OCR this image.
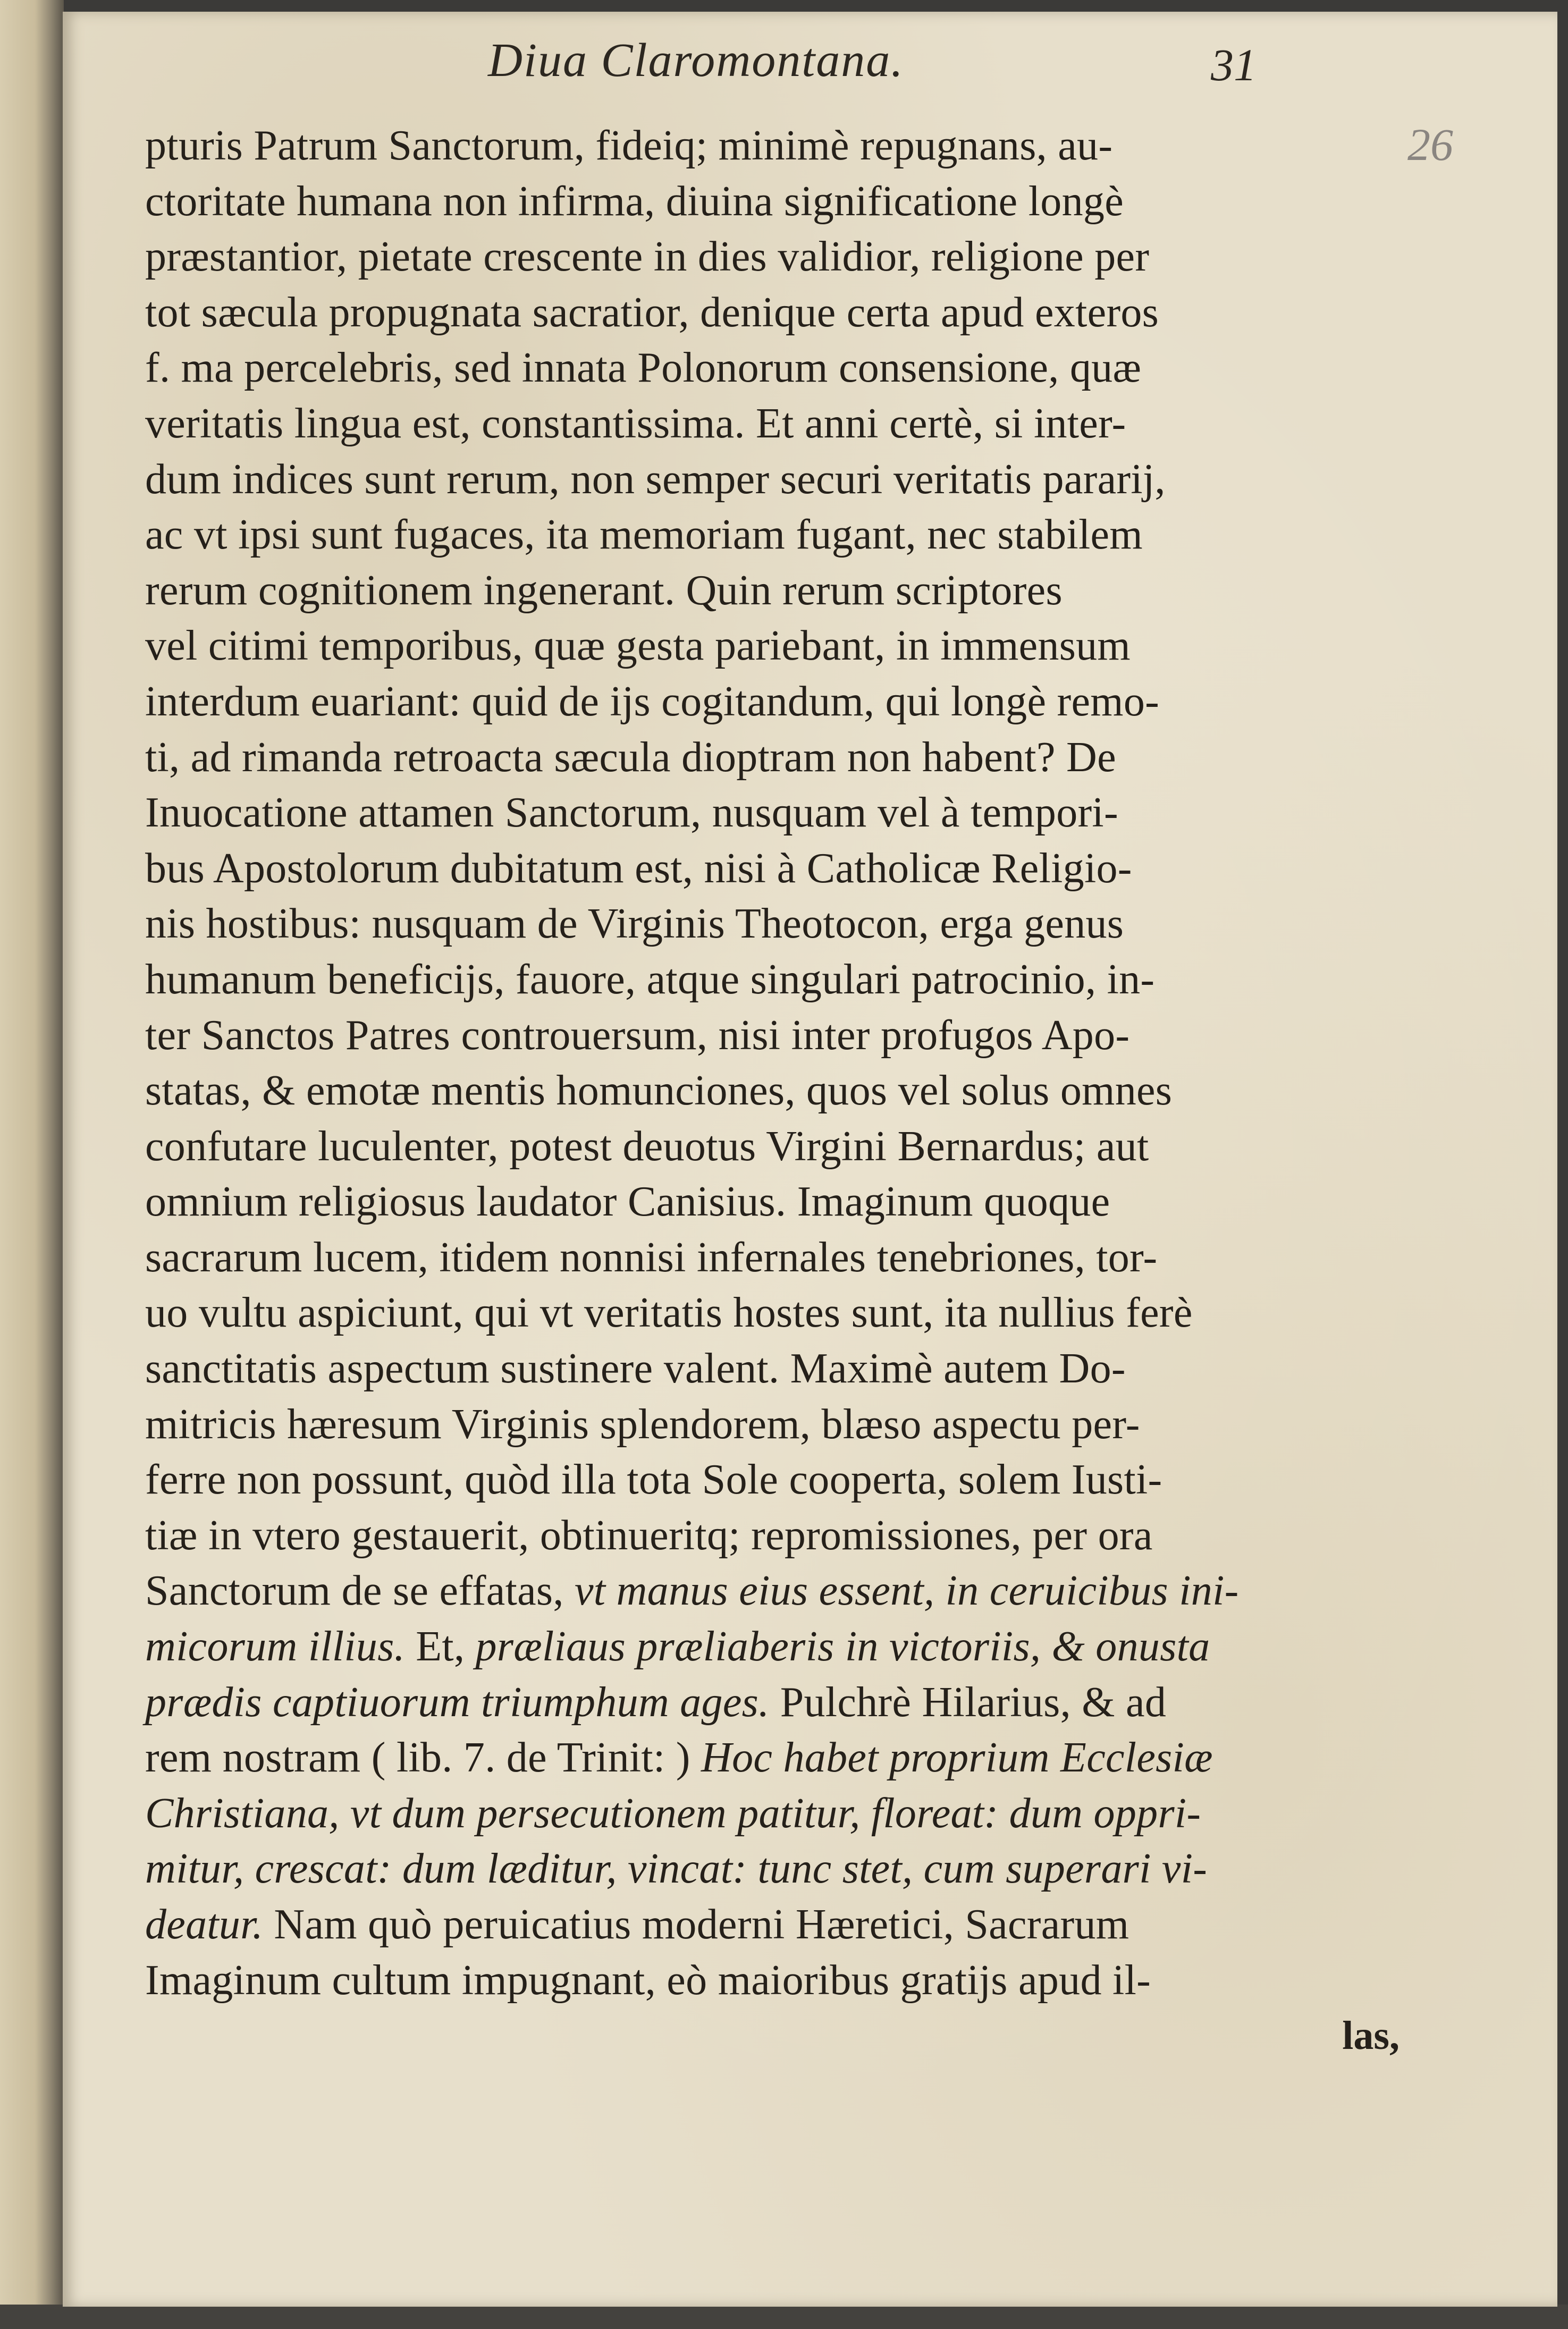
Diua Claromontana.	31
26
pturis Patrum Sanctorum, fideiq; minimè repugnans, au-
ctoritate humana non infirma, diuina significatione longè
præstantior, pietate crescente in dies validior, religione per
tot sæcula propugnata sacratior, denique certa apud exteros
f. ma percelebris, sed innata Polonorum consensione, quæ
veritatis lingua est, constantissima. Et anni certè, si inter-
dum indices sunt rerum, non semper securi veritatis pararij,
ac vt ipsi sunt fugaces, ita memoriam fugant, nec stabilem
rerum cognitionem ingenerant. Quin rerum scriptores
vel citimi temporibus, quæ gesta pariebant, in immensum
interdum euariant: quid de ijs cogitandum, qui longè remo-
ti, ad rimanda retroacta sæcula dioptram non habent? De
Inuocatione attamen Sanctorum, nusquam vel à tempori-
bus Apostolorum dubitatum est, nisi à Catholicæ Religio-
nis hostibus: nusquam de Virginis Theotocon, erga genus
humanum beneficijs, fauore, atque singulari patrocinio, in-
ter Sanctos Patres controuersum, nisi inter profugos Apo-
statas, & emotæ mentis homunciones, quos vel solus omnes
confutare luculenter, potest deuotus Virgini Bernardus; aut
omnium religiosus laudator Canisius. Imaginum quoque
sacrarum lucem, itidem nonnisi infernales tenebriones, tor-
uo vultu aspiciunt, qui vt veritatis hostes sunt, ita nullius ferè
sanctitatis aspectum sustinere valent. Maximè autem Do-
mitricis hæresum Virginis splendorem, blæso aspectu per-
ferre non possunt, quòd illa tota Sole cooperta, solem Iusti-
tiæ in vtero gestauerit, obtinueritq; repromissiones, per ora
Sanctorum de se effatas, vt manus eius essent, in ceruicibus ini-
micorum illius. Et, præliaus præliaberis in victoriis, & onusta
prædis captiuorum triumphum ages. Pulchrè Hilarius, & ad
rem nostram ( lib. 7. de Trinit: ) Hoc habet proprium Ecclesiæ
Christiana, vt dum persecutionem patitur, floreat: dum oppri-
mitur, crescat: dum læditur, vincat: tunc stet, cum superari vi-
deatur. Nam quò peruicatius moderni Hæretici, Sacrarum
Imaginum cultum impugnant, eò maioribus gratijs apud il-
las,
